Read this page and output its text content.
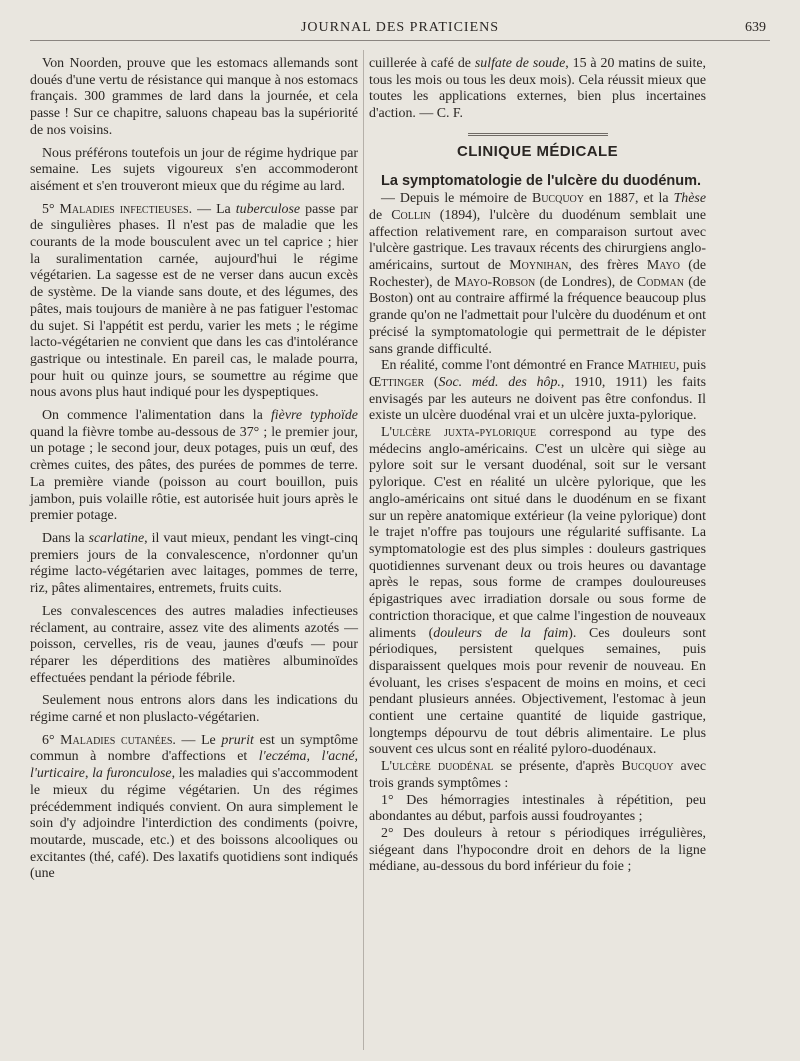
JOURNAL DES PRATICIENS	639

Von Noorden, prouve que les estomacs allemands sont doués d'une vertu de résistance qui manque à nos estomacs français. 300 grammes de lard dans la journée, et cela passe ! Sur ce chapitre, saluons chapeau bas la supériorité de nos voisins.

Nous préférons toutefois un jour de régime hydrique par semaine. Les sujets vigoureux s'en accommoderont aisément et s'en trouveront mieux que du régime au lard.

5° Maladies infectieuses. — La tuberculose passe par de singulières phases. Il n'est pas de maladie que les courants de la mode bousculent avec un tel caprice ; hier la suralimentation carnée, aujourd'hui le régime végétarien. La sagesse est de ne verser dans aucun excès de système. De la viande sans doute, et des légumes, des pâtes, mais toujours de manière à ne pas fatiguer l'estomac du sujet. Si l'appétit est perdu, varier les mets ; le régime lacto-végétarien ne convient que dans les cas d'intolérance gastrique ou intestinale. En pareil cas, le malade pourra, pour huit ou quinze jours, se soumettre au régime que nous avons plus haut indiqué pour les dyspeptiques.

On commence l'alimentation dans la fièvre typhoïde quand la fièvre tombe au-dessous de 37° ; le premier jour, un potage ; le second jour, deux potages, puis un œuf, des crèmes cuites, des pâtes, des purées de pommes de terre. La première viande (poisson au court bouillon, puis jambon, puis volaille rôtie, est autorisée huit jours après le premier potage.

Dans la scarlatine, il vaut mieux, pendant les vingt-cinq premiers jours de la convalescence, n'ordonner qu'un régime lacto-végétarien avec laitages, pommes de terre, riz, pâtes alimentaires, entremets, fruits cuits.

Les convalescences des autres maladies infectieuses réclament, au contraire, assez vite des aliments azotés — poisson, cervelles, ris de veau, jaunes d'œufs — pour réparer les déperditions des matières albuminoïdes effectuées pendant la période fébrile.

Seulement nous entrons alors dans les indications du régime carné et non pluslacto-végétarien.

6° Maladies cutanées. — Le prurit est un symptôme commun à nombre d'affections et l'eczéma, l'acné, l'urticaire, la furonculose, les maladies qui s'accommodent le mieux du régime végétarien. Un des régimes précédemment indiqués convient. On aura simplement le soin d'y adjoindre l'interdiction des condiments (poivre, moutarde, muscade, etc.) et des boissons alcooliques ou excitantes (thé, café). Des laxatifs quotidiens sont indiqués (une

cuillerée à café de sulfate de soude, 15 à 20 matins de suite, tous les mois ou tous les deux mois). Cela réussit mieux que toutes les applications externes, bien plus incertaines d'action. — C. F.

CLINIQUE MÉDICALE
La symptomatologie de l'ulcère du duodénum.

— Depuis le mémoire de Bucquoy en 1887, et la Thèse de Collin (1894), l'ulcère du duodénum semblait une affection relativement rare, en comparaison surtout avec l'ulcère gastrique. Les travaux récents des chirurgiens anglo-américains, surtout de Moynihan, des frères Mayo (de Rochester), de Mayo-Robson (de Londres), de Codman (de Boston) ont au contraire affirmé la fréquence beaucoup plus grande qu'on ne l'admettait pour l'ulcère du duodénum et ont précisé la symptomatologie qui permettrait de le dépister sans grande difficulté.

En réalité, comme l'ont démontré en France Mathieu, puis Œttinger (Soc. méd. des hôp., 1910, 1911) les faits envisagés par les auteurs ne doivent pas être confondus. Il existe un ulcère duodénal vrai et un ulcère juxta-pylorique.

L'ulcère juxta-pylorique correspond au type des médecins anglo-américains. C'est un ulcère qui siège au pylore soit sur le versant duodénal, soit sur le versant pylorique. C'est en réalité un ulcère pylorique, que les anglo-américains ont situé dans le duodénum en se fixant sur un repère anatomique extérieur (la veine pylorique) dont le trajet n'offre pas toujours une régularité suffisante. La symptomatologie est des plus simples : douleurs gastriques quotidiennes survenant deux ou trois heures ou davantage après le repas, sous forme de crampes douloureuses épigastriques avec irradiation dorsale ou sous forme de contriction thoracique, et que calme l'ingestion de nouveaux aliments (douleurs de la faim). Ces douleurs sont périodiques, persistent quelques semaines, puis disparaissent quelques mois pour revenir de nouveau. En évoluant, les crises s'espacent de moins en moins, et ceci pendant plusieurs années. Objectivement, l'estomac à jeun contient une certaine quantité de liquide gastrique, longtemps dépourvu de tout débris alimentaire. Le plus souvent ces ulcus sont en réalité pyloro-duodénaux.

L'ulcère duodénal se présente, d'après Bucquoy avec trois grands symptômes :

1° Des hémorragies intestinales à répétition, peu abondantes au début, parfois aussi foudroyantes ;

2° Des douleurs à retour s périodiques irrégulières, siégeant dans l'hypocondre droit en dehors de la ligne médiane, au-dessous du bord inférieur du foie ;
